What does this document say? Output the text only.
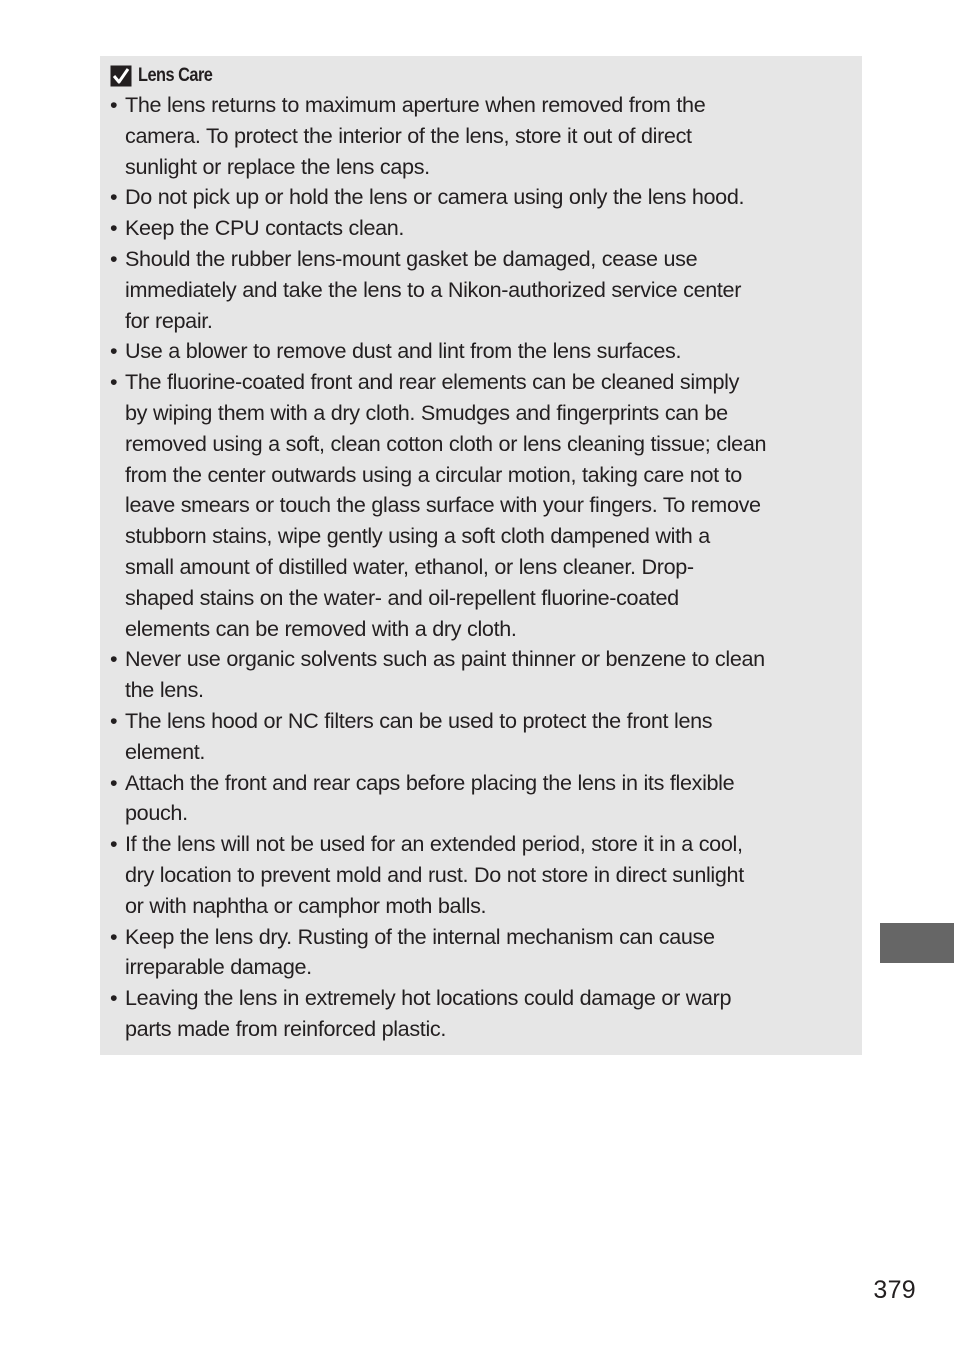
Lens Care
• The lens returns to maximum aperture when removed from the
camera. To protect the interior of the lens, store it out of direct
sunlight or replace the lens caps.
• Do not pick up or hold the lens or camera using only the lens hood.
• Keep the CPU contacts clean.
• Should the rubber lens-mount gasket be damaged, cease use
immediately and take the lens to a Nikon-authorized service center
for repair.
• Use a blower to remove dust and lint from the lens surfaces.
• The fluorine-coated front and rear elements can be cleaned simply
by wiping them with a dry cloth. Smudges and fingerprints can be
removed using a soft, clean cotton cloth or lens cleaning tissue; clean
from the center outwards using a circular motion, taking care not to
leave smears or touch the glass surface with your fingers. To remove
stubborn stains, wipe gently using a soft cloth dampened with a
small amount of distilled water, ethanol, or lens cleaner. Drop-
shaped stains on the water- and oil-repellent fluorine-coated
elements can be removed with a dry cloth.
• Never use organic solvents such as paint thinner or benzene to clean
the lens.
• The lens hood or NC filters can be used to protect the front lens
element.
• Attach the front and rear caps before placing the lens in its flexible
pouch.
• If the lens will not be used for an extended period, store it in a cool,
dry location to prevent mold and rust. Do not store in direct sunlight
or with naphtha or camphor moth balls.
• Keep the lens dry. Rusting of the internal mechanism can cause
irreparable damage.
• Leaving the lens in extremely hot locations could damage or warp
parts made from reinforced plastic.
379
